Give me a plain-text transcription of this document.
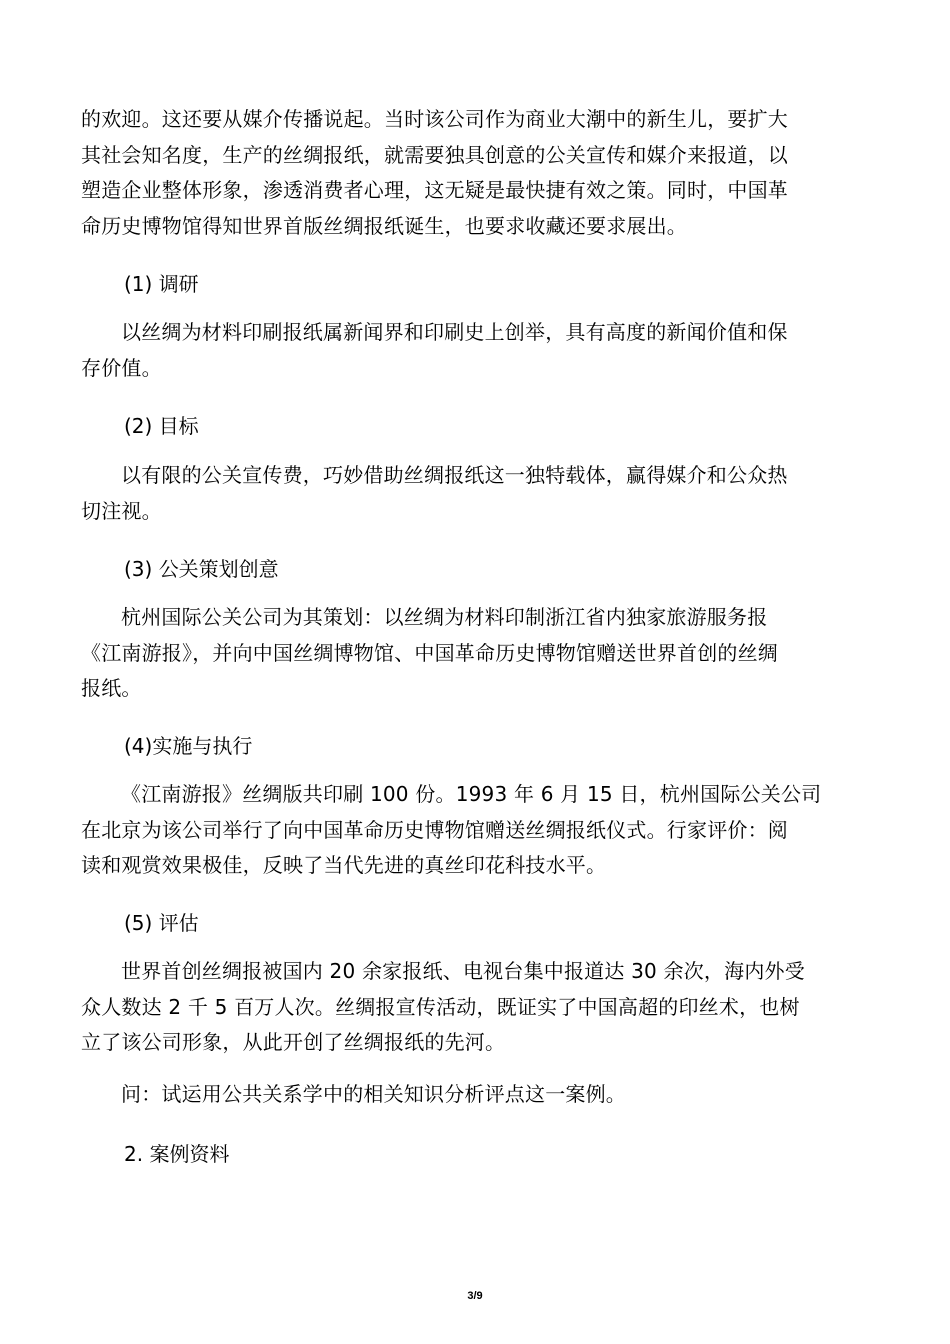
的欢迎。这还要从媒介传播说起。当时该公司作为商业大潮中的新生儿，要扩大
其社会知名度，生产的丝绸报纸，就需要独具创意的公关宣传和媒介来报道，以
塑造企业整体形象，渗透消费者心理，这无疑是最快捷有效之策。同时，中国革
命历史博物馆得知世界首版丝绸报纸诞生，也要求收藏还要求展出。
(1) 调研
以丝绸为材料印刷报纸属新闻界和印刷史上创举，具有高度的新闻价值和保
存价值。
(2) 目标
以有限的公关宣传费，巧妙借助丝绸报纸这一独特载体，赢得媒介和公众热
切注视。
(3) 公关策划创意
杭州国际公关公司为其策划：以丝绸为材料印制浙江省内独家旅游服务报
《江南游报》，并向中国丝绸博物馆、中国革命历史博物馆赠送世界首创的丝绸
报纸。
(4)实施与执行
《江南游报》丝绸版共印刷 100 份。1993 年 6 月 15 日，杭州国际公关公司
在北京为该公司举行了向中国革命历史博物馆赠送丝绸报纸仪式。行家评价：阅
读和观赏效果极佳，反映了当代先进的真丝印花科技水平。
(5) 评估
世界首创丝绸报被国内 20 余家报纸、电视台集中报道达 30 余次，海内外受
众人数达 2 千 5 百万人次。丝绸报宣传活动，既证实了中国高超的印丝术，也树
立了该公司形象，从此开创了丝绸报纸的先河。
问：试运用公共关系学中的相关知识分析评点这一案例。
2. 案例资料
3/9
